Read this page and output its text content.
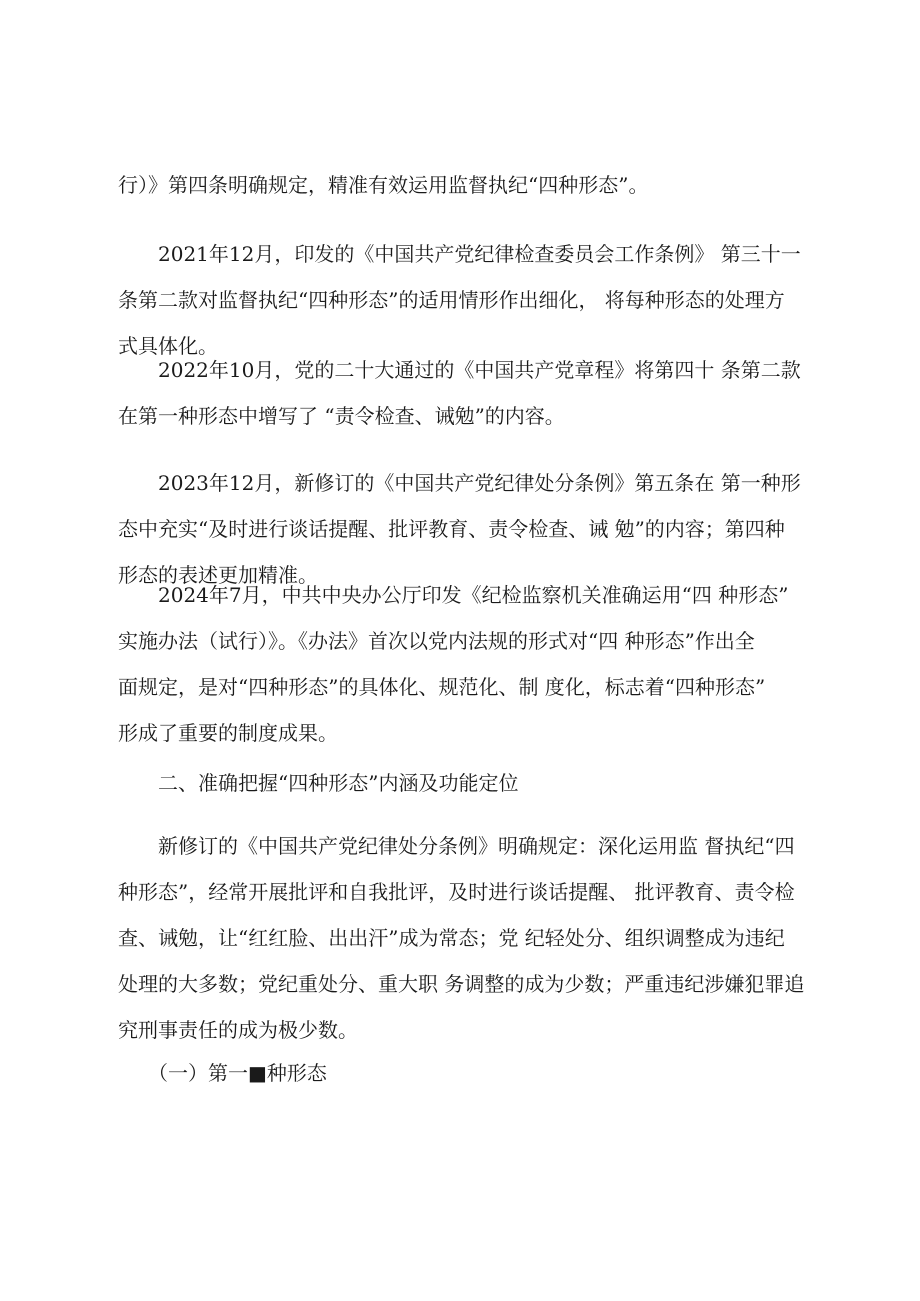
行）》第四条明确规定，精准有效运用监督执纪“四种形态”。

　　2021年12月，印发的《中国共产党纪律检查委员会工作条例》 第三十一
条第二款对监督执纪“四种形态”的适用情形作出细化， 将每种形态的处理方
式具体化。

　　2022年10月，党的二十大通过的《中国共产党章程》将第四十 条第二款
在第一种形态中增写了 “责令检查、诫勉”的内容。

　　2023年12月，新修订的《中国共产党纪律处分条例》第五条在 第一种形
态中充实“及时进行谈话提醒、批评教育、责令检查、诫 勉”的内容；第四种
形态的表述更加精准。

　　2024年7月，中共中央办公厅印发《纪检监察机关准确运用“四 种形态”
实施办法（试行）》。《办法》首次以党内法规的形式对“四 种形态”作出全
面规定，是对“四种形态”的具体化、规范化、制 度化，标志着“四种形态”
形成了重要的制度成果。

　　二、准确把握“四种形态”内涵及功能定位

　　新修订的《中国共产党纪律处分条例》明确规定：深化运用监 督执纪“四
种形态”，经常开展批评和自我批评，及时进行谈话提醒、 批评教育、责令检
查、诫勉，让“红红脸、出出汗”成为常态；党 纪轻处分、组织调整成为违纪
处理的大多数；党纪重处分、重大职 务调整的成为少数；严重违纪涉嫌犯罪追
究刑事责任的成为极少数。

　　（一）第一■种形态
